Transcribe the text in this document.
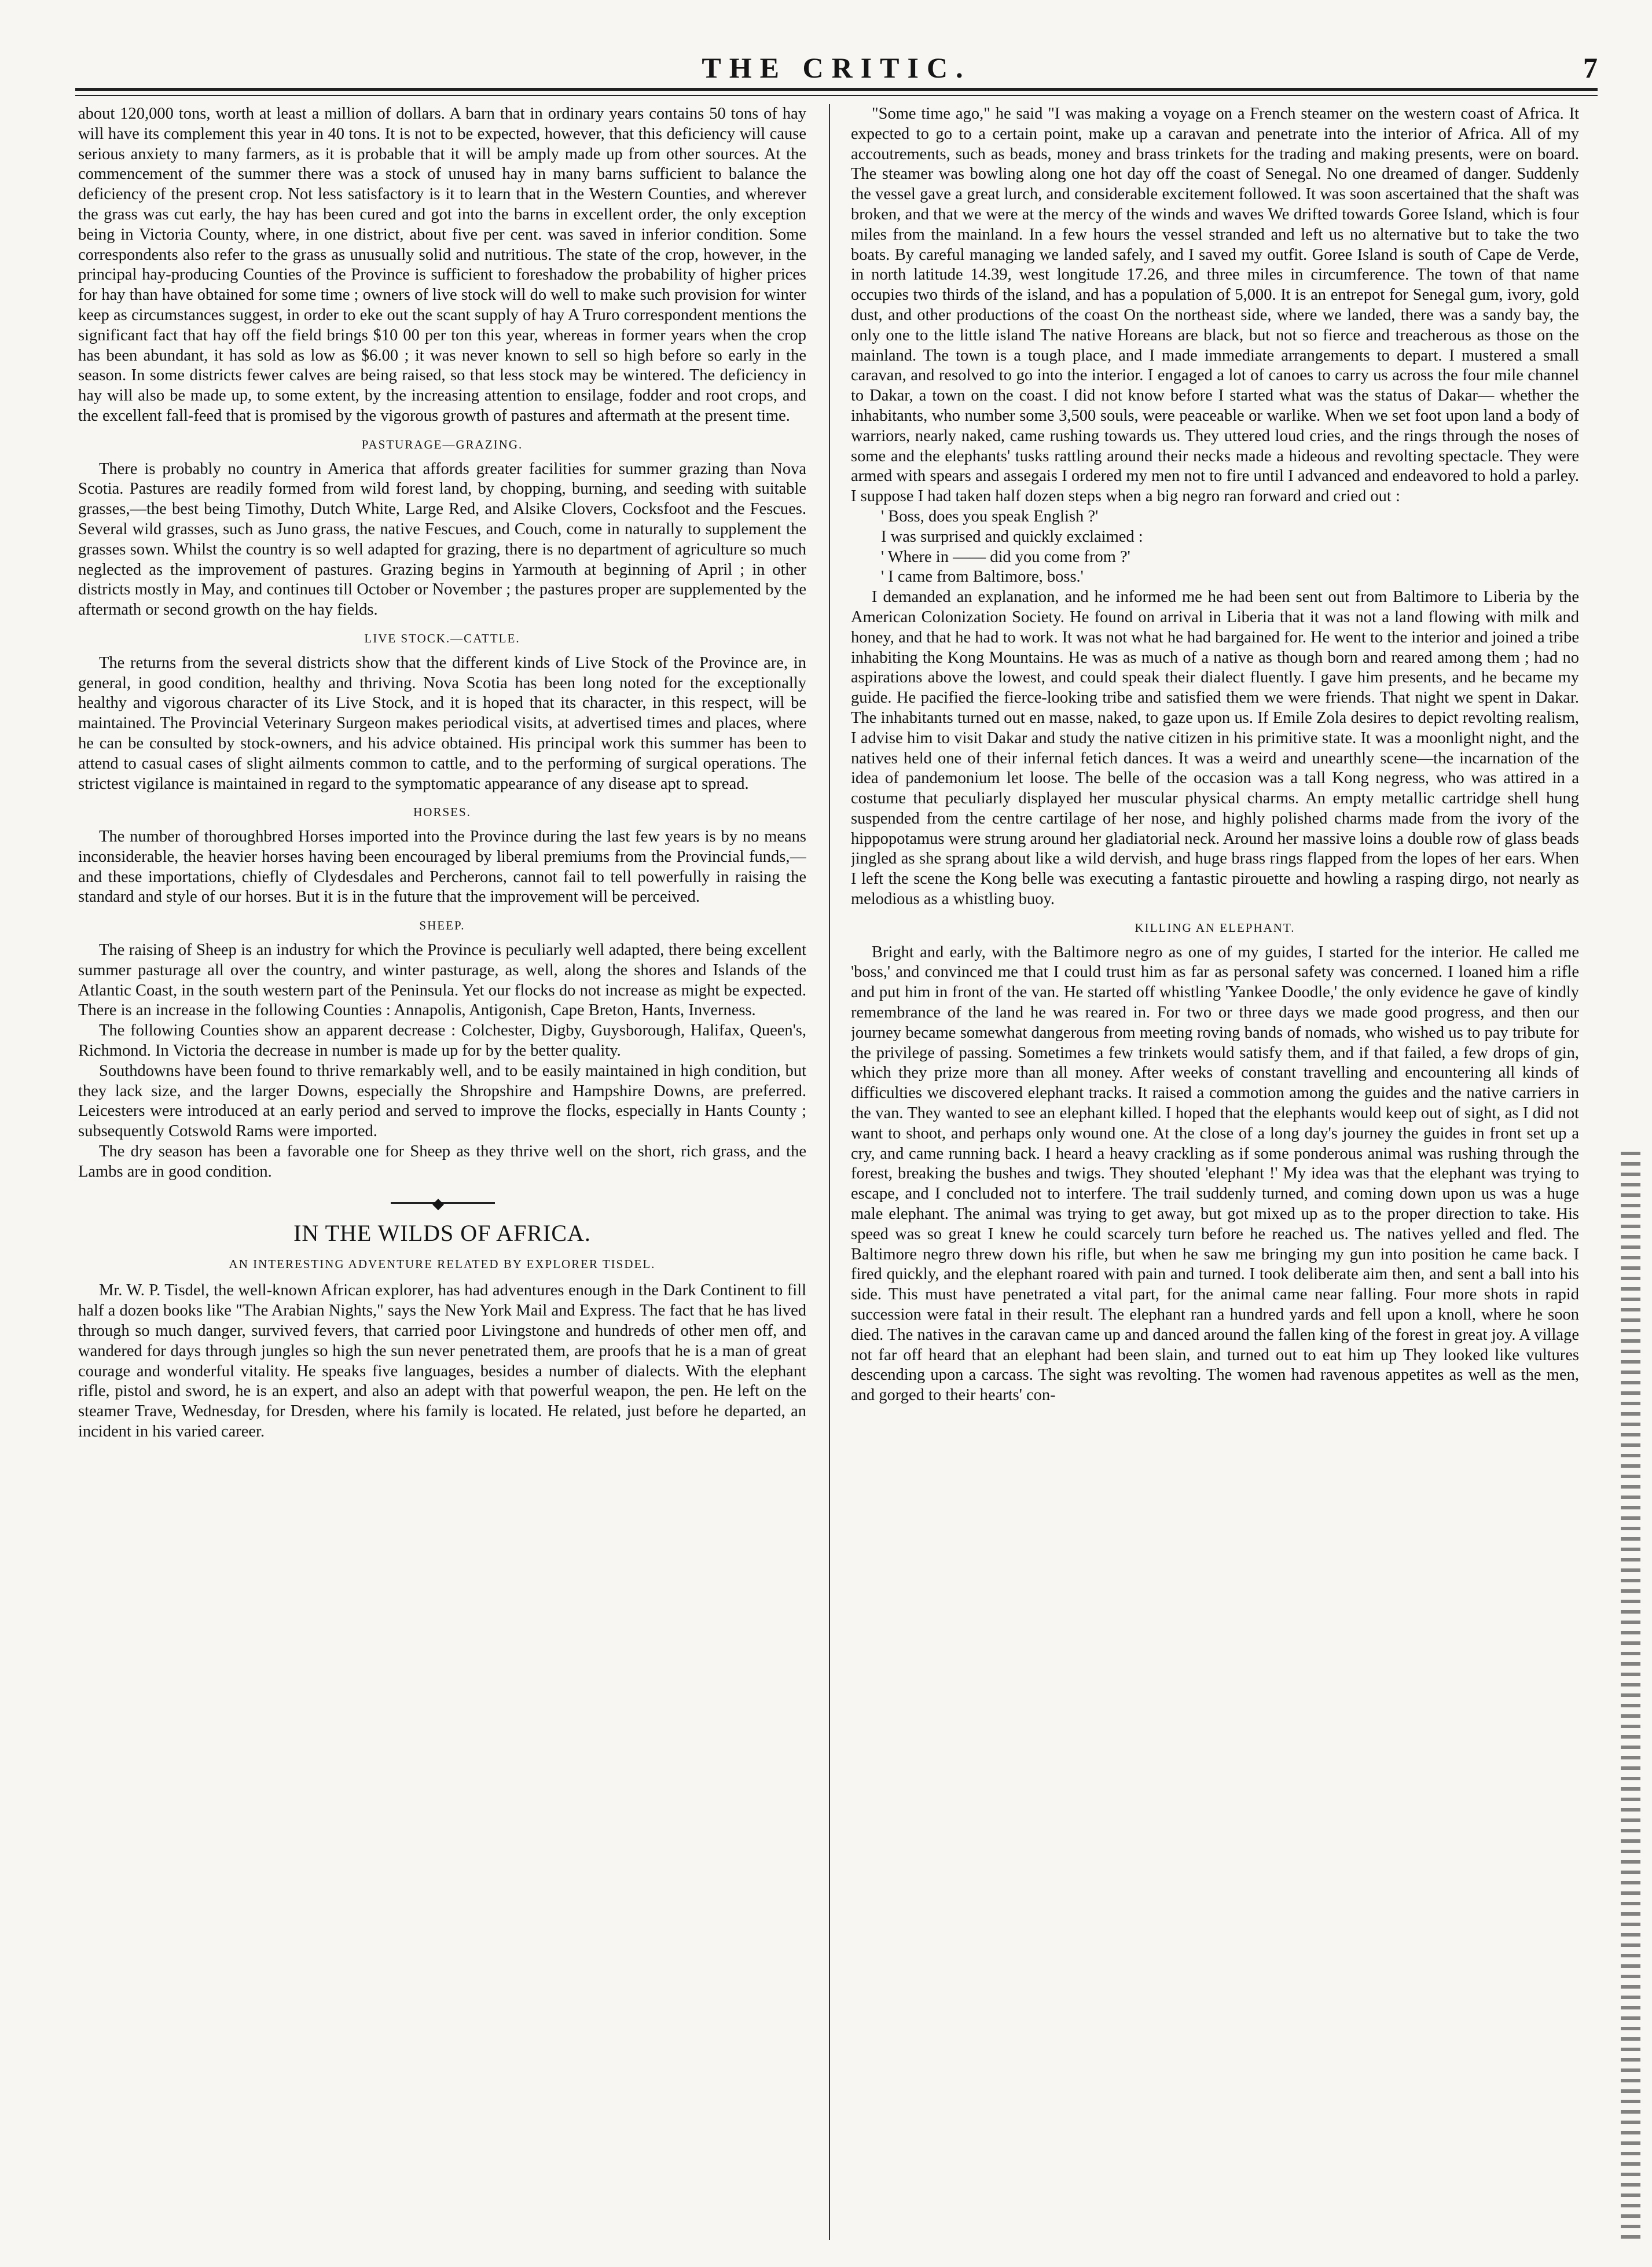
THE CRITIC.	7

about 120,000 tons, worth at least a million of dollars. A barn that in ordinary years contains 50 tons of hay will have its complement this year in 40 tons. It is not to be expected, however, that this deficiency will cause serious anxiety to many farmers, as it is probable that it will be amply made up from other sources. At the commencement of the summer there was a stock of unused hay in many barns sufficient to balance the deficiency of the present crop. Not less satisfactory is it to learn that in the Western Counties, and wherever the grass was cut early, the hay has been cured and got into the barns in excellent order, the only exception being in Victoria County, where, in one district, about five per cent. was saved in inferior condition. Some correspondents also refer to the grass as unusually solid and nutritious. The state of the crop, however, in the principal hay-producing Counties of the Province is sufficient to foreshadow the probability of higher prices for hay than have obtained for some time ; owners of live stock will do well to make such provision for winter keep as circumstances suggest, in order to eke out the scant supply of hay A Truro correspondent mentions the significant fact that hay off the field brings $10 00 per ton this year, whereas in former years when the crop has been abundant, it has sold as low as $6.00 ; it was never known to sell so high before so early in the season. In some districts fewer calves are being raised, so that less stock may be wintered. The deficiency in hay will also be made up, to some extent, by the increasing attention to ensilage, fodder and root crops, and the excellent fall-feed that is promised by the vigorous growth of pastures and aftermath at the present time.

PASTURAGE—GRAZING.

There is probably no country in America that affords greater facilities for summer grazing than Nova Scotia. Pastures are readily formed from wild forest land, by chopping, burning, and seeding with suitable grasses,—the best being Timothy, Dutch White, Large Red, and Alsike Clovers, Cocksfoot and the Fescues. Several wild grasses, such as Juno grass, the native Fescues, and Couch, come in naturally to supplement the grasses sown. Whilst the country is so well adapted for grazing, there is no department of agriculture so much neglected as the improvement of pastures. Grazing begins in Yarmouth at beginning of April ; in other districts mostly in May, and continues till October or November ; the pastures proper are supplemented by the aftermath or second growth on the hay fields.

LIVE STOCK.—CATTLE.

The returns from the several districts show that the different kinds of Live Stock of the Province are, in general, in good condition, healthy and thriving. Nova Scotia has been long noted for the exceptionally healthy and vigorous character of its Live Stock, and it is hoped that its character, in this respect, will be maintained. The Provincial Veterinary Surgeon makes periodical visits, at advertised times and places, where he can be consulted by stock-owners, and his advice obtained. His principal work this summer has been to attend to casual cases of slight ailments common to cattle, and to the performing of surgical operations. The strictest vigilance is maintained in regard to the symptomatic appearance of any disease apt to spread.

HORSES.

The number of thoroughbred Horses imported into the Province during the last few years is by no means inconsiderable, the heavier horses having been encouraged by liberal premiums from the Provincial funds,—and these importations, chiefly of Clydesdales and Percherons, cannot fail to tell powerfully in raising the standard and style of our horses. But it is in the future that the improvement will be perceived.

SHEEP.

The raising of Sheep is an industry for which the Province is peculiarly well adapted, there being excellent summer pasturage all over the country, and winter pasturage, as well, along the shores and Islands of the Atlantic Coast, in the south western part of the Peninsula. Yet our flocks do not increase as might be expected. There is an increase in the following Counties : Annapolis, Antigonish, Cape Breton, Hants, Inverness.

The following Counties show an apparent decrease : Colchester, Digby, Guysborough, Halifax, Queen's, Richmond. In Victoria the decrease in number is made up for by the better quality.

Southdowns have been found to thrive remarkably well, and to be easily maintained in high condition, but they lack size, and the larger Downs, especially the Shropshire and Hampshire Downs, are preferred. Leicesters were introduced at an early period and served to improve the flocks, especially in Hants County ; subsequently Cotswold Rams were imported.

The dry season has been a favorable one for Sheep as they thrive well on the short, rich grass, and the Lambs are in good condition.

◆
IN THE WILDS OF AFRICA.
AN INTERESTING ADVENTURE RELATED BY EXPLORER TISDEL.

Mr. W. P. Tisdel, the well-known African explorer, has had adventures enough in the Dark Continent to fill half a dozen books like "The Arabian Nights," says the New York Mail and Express. The fact that he has lived through so much danger, survived fevers, that carried poor Livingstone and hundreds of other men off, and wandered for days through jungles so high the sun never penetrated them, are proofs that he is a man of great courage and wonderful vitality. He speaks five languages, besides a number of dialects. With the elephant rifle, pistol and sword, he is an expert, and also an adept with that powerful weapon, the pen. He left on the steamer Trave, Wednesday, for Dresden, where his family is located. He related, just before he departed, an incident in his varied career.

"Some time ago," he said "I was making a voyage on a French steamer on the western coast of Africa. It expected to go to a certain point, make up a caravan and penetrate into the interior of Africa. All of my accoutrements, such as beads, money and brass trinkets for the trading and making presents, were on board. The steamer was bowling along one hot day off the coast of Senegal. No one dreamed of danger. Suddenly the vessel gave a great lurch, and considerable excitement followed. It was soon ascertained that the shaft was broken, and that we were at the mercy of the winds and waves We drifted towards Goree Island, which is four miles from the mainland. In a few hours the vessel stranded and left us no alternative but to take the two boats. By careful managing we landed safely, and I saved my outfit. Goree Island is south of Cape de Verde, in north latitude 14.39, west longitude 17.26, and three miles in circumference. The town of that name occupies two thirds of the island, and has a population of 5,000. It is an entrepot for Senegal gum, ivory, gold dust, and other productions of the coast On the northeast side, where we landed, there was a sandy bay, the only one to the little island The native Horeans are black, but not so fierce and treacherous as those on the mainland. The town is a tough place, and I made immediate arrangements to depart. I mustered a small caravan, and resolved to go into the interior. I engaged a lot of canoes to carry us across the four mile channel to Dakar, a town on the coast. I did not know before I started what was the status of Dakar— whether the inhabitants, who number some 3,500 souls, were peaceable or warlike. When we set foot upon land a body of warriors, nearly naked, came rushing towards us. They uttered loud cries, and the rings through the noses of some and the elephants' tusks rattling around their necks made a hideous and revolting spectacle. They were armed with spears and assegais I ordered my men not to fire until I advanced and endeavored to hold a parley. I suppose I had taken half dozen steps when a big negro ran forward and cried out :

' Boss, does you speak English ?'

I was surprised and quickly exclaimed :

' Where in —— did you come from ?'

' I came from Baltimore, boss.'

I demanded an explanation, and he informed me he had been sent out from Baltimore to Liberia by the American Colonization Society. He found on arrival in Liberia that it was not a land flowing with milk and honey, and that he had to work. It was not what he had bargained for. He went to the interior and joined a tribe inhabiting the Kong Mountains. He was as much of a native as though born and reared among them ; had no aspirations above the lowest, and could speak their dialect fluently. I gave him presents, and he became my guide. He pacified the fierce-looking tribe and satisfied them we were friends. That night we spent in Dakar. The inhabitants turned out en masse, naked, to gaze upon us. If Emile Zola desires to depict revolting realism, I advise him to visit Dakar and study the native citizen in his primitive state. It was a moonlight night, and the natives held one of their infernal fetich dances. It was a weird and unearthly scene—the incarnation of the idea of pandemonium let loose. The belle of the occasion was a tall Kong negress, who was attired in a costume that peculiarly displayed her muscular physical charms. An empty metallic cartridge shell hung suspended from the centre cartilage of her nose, and highly polished charms made from the ivory of the hippopotamus were strung around her gladiatorial neck. Around her massive loins a double row of glass beads jingled as she sprang about like a wild dervish, and huge brass rings flapped from the lopes of her ears. When I left the scene the Kong belle was executing a fantastic pirouette and howling a rasping dirgo, not nearly as melodious as a whistling buoy.

KILLING AN ELEPHANT.

Bright and early, with the Baltimore negro as one of my guides, I started for the interior. He called me 'boss,' and convinced me that I could trust him as far as personal safety was concerned. I loaned him a rifle and put him in front of the van. He started off whistling 'Yankee Doodle,' the only evidence he gave of kindly remembrance of the land he was reared in. For two or three days we made good progress, and then our journey became somewhat dangerous from meeting roving bands of nomads, who wished us to pay tribute for the privilege of passing. Sometimes a few trinkets would satisfy them, and if that failed, a few drops of gin, which they prize more than all money. After weeks of constant travelling and encountering all kinds of difficulties we discovered elephant tracks. It raised a commotion among the guides and the native carriers in the van. They wanted to see an elephant killed. I hoped that the elephants would keep out of sight, as I did not want to shoot, and perhaps only wound one. At the close of a long day's journey the guides in front set up a cry, and came running back. I heard a heavy crackling as if some ponderous animal was rushing through the forest, breaking the bushes and twigs. They shouted 'elephant !' My idea was that the elephant was trying to escape, and I concluded not to interfere. The trail suddenly turned, and coming down upon us was a huge male elephant. The animal was trying to get away, but got mixed up as to the proper direction to take. His speed was so great I knew he could scarcely turn before he reached us. The natives yelled and fled. The Baltimore negro threw down his rifle, but when he saw me bringing my gun into position he came back. I fired quickly, and the elephant roared with pain and turned. I took deliberate aim then, and sent a ball into his side. This must have penetrated a vital part, for the animal came near falling. Four more shots in rapid succession were fatal in their result. The elephant ran a hundred yards and fell upon a knoll, where he soon died. The natives in the caravan came up and danced around the fallen king of the forest in great joy. A village not far off heard that an elephant had been slain, and turned out to eat him up They looked like vultures descending upon a carcass. The sight was revolting. The women had ravenous appetites as well as the men, and gorged to their hearts' con-
